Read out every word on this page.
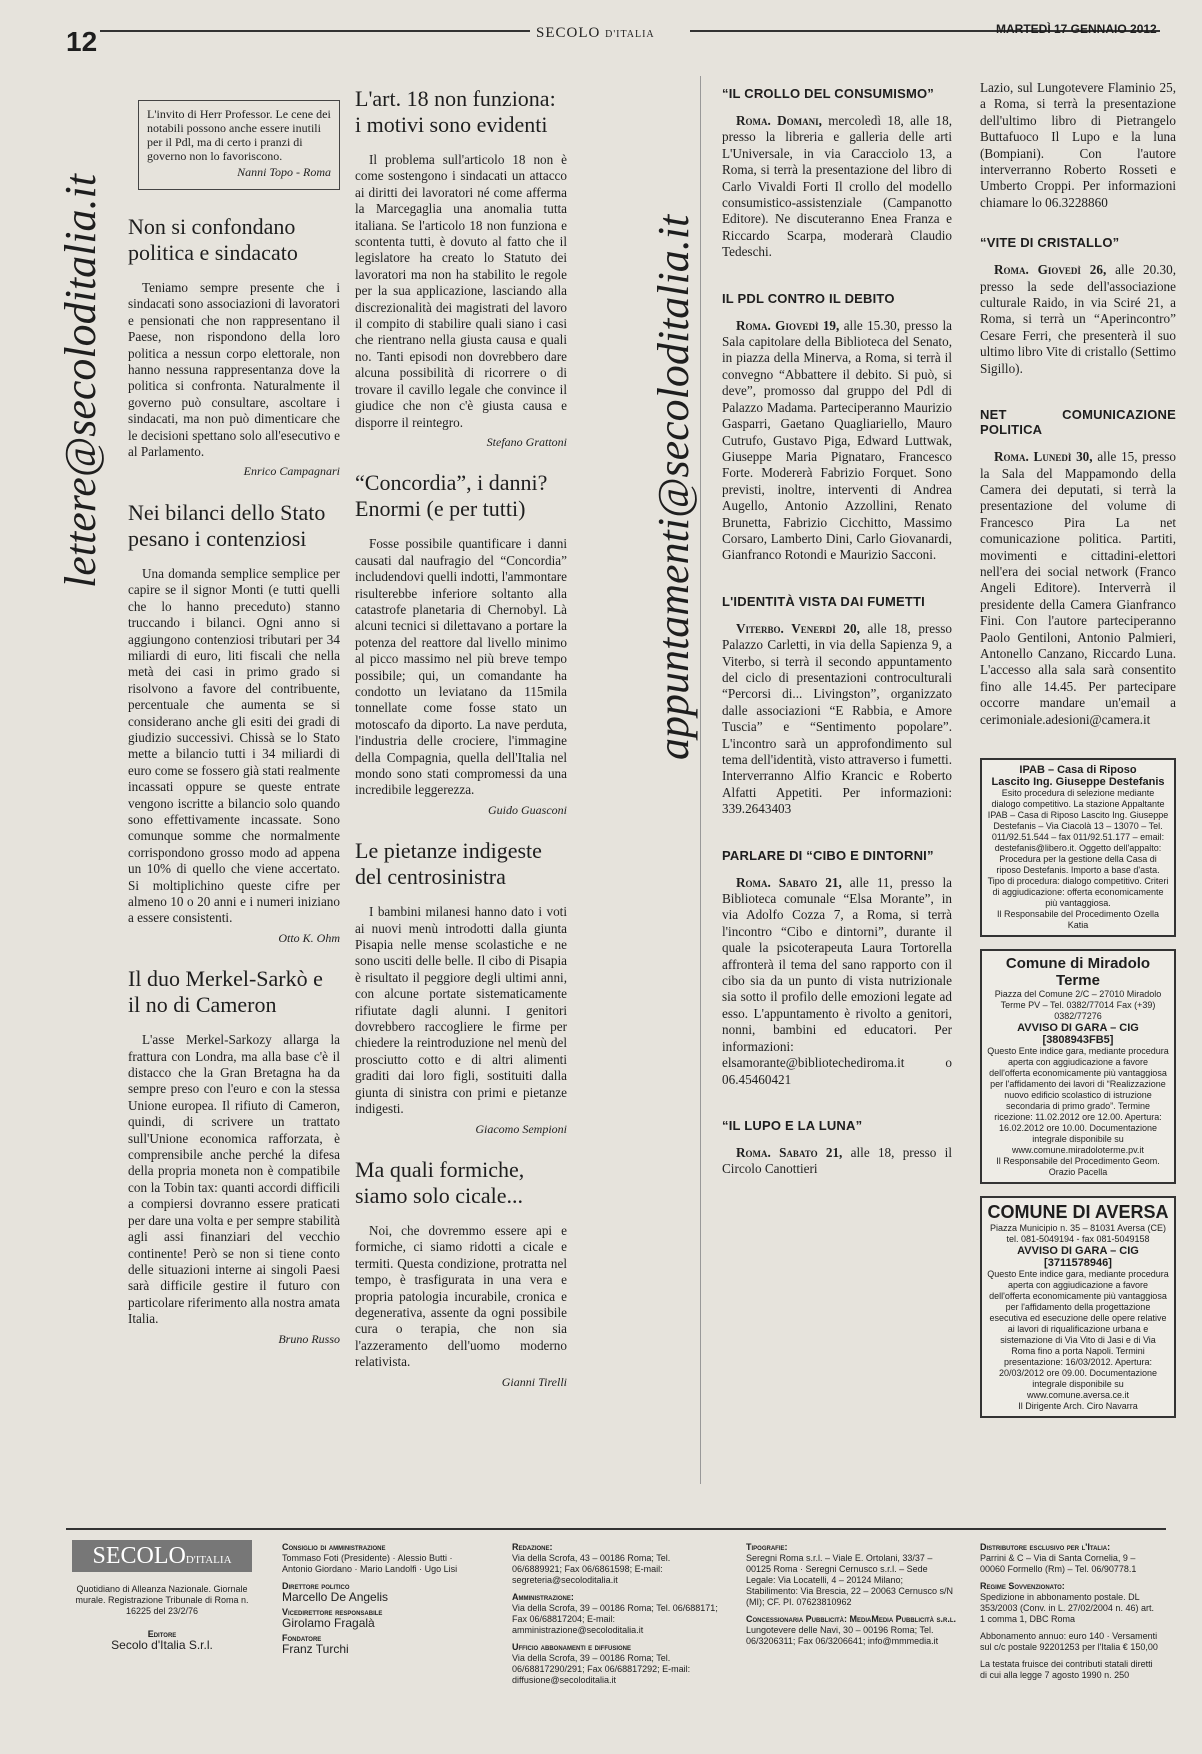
12	SECOLO D'ITALIA	MARTEDÌ 17 GENNAIO 2012
lettere@secoloditalia.it	appuntamenti@secoloditalia.it
L'invito di Herr Professor. Le cene dei notabili possono anche essere inutili per il Pdl, ma di certo i pranzi di governo non lo favoriscono.
Nanni Topo - Roma
Non si confondano politica e sindacato

Teniamo sempre presente che i sindacati sono associazioni di lavoratori e pensionati che non rappresentano il Paese, non rispondono della loro politica a nessun corpo elettorale, non hanno nessuna rappresentanza dove la politica si confronta. Naturalmente il governo può consultare, ascoltare i sindacati, ma non può dimenticare che le decisioni spettano solo all'esecutivo e al Parlamento.

Enrico Campagnari
Nei bilanci dello Stato pesano i contenziosi

Una domanda semplice semplice per capire se il signor Monti (e tutti quelli che lo hanno preceduto) stanno truccando i bilanci. Ogni anno si aggiungono contenziosi tributari per 34 miliardi di euro, liti fiscali che nella metà dei casi in primo grado si risolvono a favore del contribuente, percentuale che aumenta se si considerano anche gli esiti dei gradi di giudizio successivi. Chissà se lo Stato mette a bilancio tutti i 34 miliardi di euro come se fossero già stati realmente incassati oppure se queste entrate vengono iscritte a bilancio solo quando sono effettivamente incassate. Sono comunque somme che normalmente corrispondono grosso modo ad appena un 10% di quello che viene accertato. Si moltiplichino queste cifre per almeno 10 o 20 anni e i numeri iniziano a essere consistenti.

Otto K. Ohm
Il duo Merkel-Sarkò e il no di Cameron

L'asse Merkel-Sarkozy allarga la frattura con Londra, ma alla base c'è il distacco che la Gran Bretagna ha da sempre preso con l'euro e con la stessa Unione europea. Il rifiuto di Cameron, quindi, di scrivere un trattato sull'Unione economica rafforzata, è comprensibile anche perché la difesa della propria moneta non è compatibile con la Tobin tax: quanti accordi difficili a compiersi dovranno essere praticati per dare una volta e per sempre stabilità agli assi finanziari del vecchio continente! Però se non si tiene conto delle situazioni interne ai singoli Paesi sarà difficile gestire il futuro con particolare riferimento alla nostra amata Italia.

Bruno Russo
L'art. 18 non funziona: i motivi sono evidenti

Il problema sull'articolo 18 non è come sostengono i sindacati un attacco ai diritti dei lavoratori né come afferma la Marcegaglia una anomalia tutta italiana. Se l'articolo 18 non funziona e scontenta tutti, è dovuto al fatto che il legislatore ha creato lo Statuto dei lavoratori ma non ha stabilito le regole per la sua applicazione, lasciando alla discrezionalità dei magistrati del lavoro il compito di stabilire quali siano i casi che rientrano nella giusta causa e quali no. Tanti episodi non dovrebbero dare alcuna possibilità di ricorrere o di trovare il cavillo legale che convince il giudice che non c'è giusta causa e disporre il reintegro.

Stefano Grattoni
“Concordia”, i danni? Enormi (e per tutti)

Fosse possibile quantificare i danni causati dal naufragio del “Concordia” includendovi quelli indotti, l'ammontare risulterebbe inferiore soltanto alla catastrofe planetaria di Chernobyl. Là alcuni tecnici si dilettavano a portare la potenza del reattore dal livello minimo al picco massimo nel più breve tempo possibile; qui, un comandante ha condotto un leviatano da 115mila tonnellate come fosse stato un motoscafo da diporto. La nave perduta, l'industria delle crociere, l'immagine della Compagnia, quella dell'Italia nel mondo sono stati compromessi da una incredibile leggerezza.

Guido Guasconi
Le pietanze indigeste del centrosinistra

I bambini milanesi hanno dato i voti ai nuovi menù introdotti dalla giunta Pisapia nelle mense scolastiche e ne sono usciti delle belle. Il cibo di Pisapia è risultato il peggiore degli ultimi anni, con alcune portate sistematicamente rifiutate dagli alunni. I genitori dovrebbero raccogliere le firme per chiedere la reintroduzione nel menù del prosciutto cotto e di altri alimenti graditi dai loro figli, sostituiti dalla giunta di sinistra con primi e pietanze indigesti.

Giacomo Sempioni
Ma quali formiche, siamo solo cicale...

Noi, che dovremmo essere api e formiche, ci siamo ridotti a cicale e termiti. Questa condizione, protratta nel tempo, è trasfigurata in una vera e propria patologia incurabile, cronica e degenerativa, assente da ogni possibile cura o terapia, che non sia l'azzeramento dell'uomo moderno relativista.

Gianni Tirelli
“IL CROLLO DEL CONSUMISMO”

Roma. Domani, mercoledì 18, alle 18, presso la libreria e galleria delle arti L'Universale, in via Caracciolo 13, a Roma, si terrà la presentazione del libro di Carlo Vivaldi Forti Il crollo del modello consumistico-assistenziale (Campanotto Editore). Ne discuteranno Enea Franza e Riccardo Scarpa, moderarà Claudio Tedeschi.

IL PDL CONTRO IL DEBITO

Roma. Giovedì 19, alle 15.30, presso la Sala capitolare della Biblioteca del Senato, in piazza della Minerva, a Roma, si terrà il convegno “Abbattere il debito. Si può, si deve”, promosso dal gruppo del Pdl di Palazzo Madama. Parteciperanno Maurizio Gasparri, Gaetano Quagliariello, Mauro Cutrufo, Gustavo Piga, Edward Luttwak, Giuseppe Maria Pignataro, Francesco Forte. Modererà Fabrizio Forquet. Sono previsti, inoltre, interventi di Andrea Augello, Antonio Azzollini, Renato Brunetta, Fabrizio Cicchitto, Massimo Corsaro, Lamberto Dini, Carlo Giovanardi, Gianfranco Rotondi e Maurizio Sacconi.

L'IDENTITÀ VISTA DAI FUMETTI

Viterbo. Venerdì 20, alle 18, presso Palazzo Carletti, in via della Sapienza 9, a Viterbo, si terrà il secondo appuntamento del ciclo di presentazioni controculturali “Percorsi di... Livingston”, organizzato dalle associazioni “E Rabbia, e Amore Tuscia” e “Sentimento popolare”. L'incontro sarà un approfondimento sul tema dell'identità, visto attraverso i fumetti. Interverranno Alfio Krancic e Roberto Alfatti Appetiti. Per informazioni: 339.2643403

PARLARE DI “CIBO E DINTORNI”

Roma. Sabato 21, alle 11, presso la Biblioteca comunale “Elsa Morante”, in via Adolfo Cozza 7, a Roma, si terrà l'incontro “Cibo e dintorni”, durante il quale la psicoterapeuta Laura Tortorella affronterà il tema del sano rapporto con il cibo sia da un punto di vista nutrizionale sia sotto il profilo delle emozioni legate ad esso. L'appuntamento è rivolto a genitori, nonni, bambini ed educatori. Per informazioni: elsamorante@bibliotechediroma.it o 06.45460421

“IL LUPO E LA LUNA”

Roma. Sabato 21, alle 18, presso il Circolo Canottieri

Lazio, sul Lungotevere Flaminio 25, a Roma, si terrà la presentazione dell'ultimo libro di Pietrangelo Buttafuoco Il Lupo e la luna (Bompiani). Con l'autore interverranno Roberto Rosseti e Umberto Croppi. Per informazioni chiamare lo 06.3228860

“VITE DI CRISTALLO”

Roma. Giovedì 26, alle 20.30, presso la sede dell'associazione culturale Raido, in via Sciré 21, a Roma, si terrà un “Aperincontro” Cesare Ferri, che presenterà il suo ultimo libro Vite di cristallo (Settimo Sigillo).

NET COMUNICAZIONE POLITICA

Roma. Lunedì 30, alle 15, presso la Sala del Mappamondo della Camera dei deputati, si terrà la presentazione del volume di Francesco Pira La net comunicazione politica. Partiti, movimenti e cittadini-elettori nell'era dei social network (Franco Angeli Editore). Interverrà il presidente della Camera Gianfranco Fini. Con l'autore parteciperanno Paolo Gentiloni, Antonio Palmieri, Antonello Canzano, Riccardo Luna. L'accesso alla sala sarà consentito fino alle 14.45. Per partecipare occorre mandare un'email a cerimoniale.adesioni@camera.it

IPAB – Casa di Riposo
Lascito Ing. Giuseppe Destefanis
Esito procedura di selezione mediante dialogo competitivo. La stazione Appaltante IPAB – Casa di Riposo Lascito Ing. Giuseppe Destefanis – Via Ciacolà 13 – 13070 – Tel. 011/92.51.544 – fax 011/92.51.177 – email: destefanis@libero.it. Oggetto dell'appalto: Procedura per la gestione della Casa di riposo Destefanis. Importo a base d'asta. Tipo di procedura: dialogo competitivo. Criteri di aggiudicazione: offerta economicamente più vantaggiosa.
Il Responsabile del Procedimento Ozella Katia
Comune di Miradolo Terme
Piazza del Comune 2/C – 27010 Miradolo Terme PV – Tel. 0382/77014 Fax (+39) 0382/77276
AVVISO DI GARA – CIG [3808943FB5]
Questo Ente indice gara, mediante procedura aperta con aggiudicazione a favore dell'offerta economicamente più vantaggiosa per l'affidamento dei lavori di “Realizzazione nuovo edificio scolastico di istruzione secondaria di primo grado”. Termine ricezione: 11.02.2012 ore 12.00. Apertura: 16.02.2012 ore 10.00. Documentazione integrale disponibile su www.comune.miradoloterme.pv.it
Il Responsabile del Procedimento Geom. Orazio Pacella
COMUNE DI AVERSA
Piazza Municipio n. 35 – 81031 Aversa (CE) tel. 081-5049194 - fax 081-5049158
AVVISO DI GARA – CIG [3711578946]
Questo Ente indice gara, mediante procedura aperta con aggiudicazione a favore dell'offerta economicamente più vantaggiosa per l'affidamento della progettazione esecutiva ed esecuzione delle opere relative ai lavori di riqualificazione urbana e sistemazione di Via Vito di Jasi e di Via Roma fino a porta Napoli. Termini presentazione: 16/03/2012. Apertura: 20/03/2012 ore 09.00. Documentazione integrale disponibile su www.comune.aversa.ce.it
Il Dirigente Arch. Ciro Navarra
SECOLOD'ITALIA
Quotidiano di Alleanza Nazionale. Giornale murale. Registrazione Tribunale di Roma n. 16225 del 23/2/76
Editore
Secolo d'Italia S.r.l.
Consiglio di amministrazione
Tommaso Foti (Presidente) · Alessio Butti · Antonio Giordano · Mario Landolfi · Ugo Lisi
Direttore politico
Marcello De Angelis
Vicedirettore responsabile
Girolamo Fragalà
Fondatore
Franz Turchi
Redazione:
Via della Scrofa, 43 – 00186 Roma; Tel. 06/6889921; Fax 06/6861598; E-mail: segreteria@secoloditalia.it
Amministrazione:
Via della Scrofa, 39 – 00186 Roma; Tel. 06/688171; Fax 06/68817204; E-mail: amministrazione@secoloditalia.it
Ufficio abbonamenti e diffusione
Via della Scrofa, 39 – 00186 Roma; Tel. 06/68817290/291; Fax 06/68817292; E-mail: diffusione@secoloditalia.it
Tipografie:
Seregni Roma s.r.l. – Viale E. Ortolani, 33/37 – 00125 Roma · Seregni Cernusco s.r.l. – Sede Legale: Via Locatelli, 4 – 20124 Milano; Stabilimento: Via Brescia, 22 – 20063 Cernusco s/N (MI); CF. PI. 07623810962
Concessionaria Pubblicità: MediaMedia Pubblicità s.r.l.
Lungotevere delle Navi, 30 – 00196 Roma; Tel. 06/3206311; Fax 06/3206641; info@mmmedia.it
Distributore esclusivo per l'Italia:
Parrini & C – Via di Santa Cornelia, 9 – 00060 Formello (Rm) – Tel. 06/90778.1
Regime Sovvenzionato:
Spedizione in abbonamento postale. DL 353/2003 (Conv. in L. 27/02/2004 n. 46) art. 1 comma 1, DBC Roma
Abbonamento annuo: euro 140 · Versamenti sul c/c postale 92201253 per l'Italia € 150,00
La testata fruisce dei contributi statali diretti di cui alla legge 7 agosto 1990 n. 250
